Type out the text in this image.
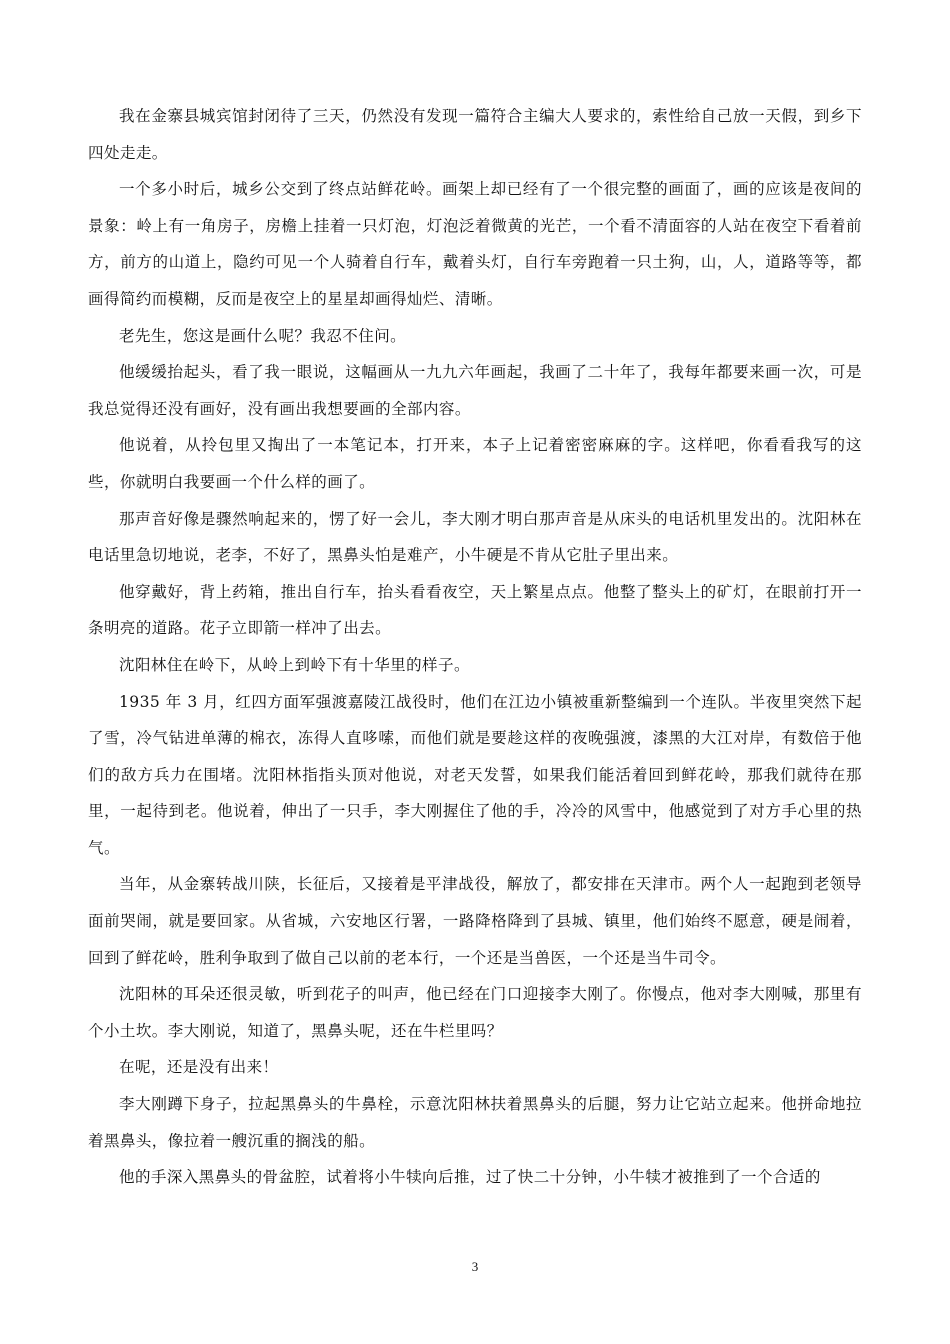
我在金寨县城宾馆封闭待了三天，仍然没有发现一篇符合主编大人要求的，索性给自己放一天假，到乡下四处走走。

一个多小时后，城乡公交到了终点站鲜花岭。画架上却已经有了一个很完整的画面了，画的应该是夜间的景象：岭上有一角房子，房檐上挂着一只灯泡，灯泡泛着微黄的光芒，一个看不清面容的人站在夜空下看着前方，前方的山道上，隐约可见一个人骑着自行车，戴着头灯，自行车旁跑着一只土狗，山，人，道路等等，都画得简约而模糊，反而是夜空上的星星却画得灿烂、清晰。

老先生，您这是画什么呢？我忍不住问。

他缓缓抬起头，看了我一眼说，这幅画从一九九六年画起，我画了二十年了，我每年都要来画一次，可是我总觉得还没有画好，没有画出我想要画的全部内容。

他说着，从拎包里又掏出了一本笔记本，打开来，本子上记着密密麻麻的字。这样吧，你看看我写的这些，你就明白我要画一个什么样的画了。

那声音好像是骤然响起来的，愣了好一会儿，李大刚才明白那声音是从床头的电话机里发出的。沈阳林在电话里急切地说，老李，不好了，黑鼻头怕是难产，小牛硬是不肯从它肚子里出来。

他穿戴好，背上药箱，推出自行车，抬头看看夜空，天上繁星点点。他整了整头上的矿灯，在眼前打开一条明亮的道路。花子立即箭一样冲了出去。

沈阳林住在岭下，从岭上到岭下有十华里的样子。

1935 年 3 月，红四方面军强渡嘉陵江战役时，他们在江边小镇被重新整编到一个连队。半夜里突然下起了雪，冷气钻进单薄的棉衣，冻得人直哆嗦，而他们就是要趁这样的夜晚强渡，漆黑的大江对岸，有数倍于他们的敌方兵力在围堵。沈阳林指指头顶对他说，对老天发誓，如果我们能活着回到鲜花岭，那我们就待在那里，一起待到老。他说着，伸出了一只手，李大刚握住了他的手，冷冷的风雪中，他感觉到了对方手心里的热气。

当年，从金寨转战川陕，长征后，又接着是平津战役，解放了，都安排在天津市。两个人一起跑到老领导面前哭闹，就是要回家。从省城，六安地区行署，一路降格降到了县城、镇里，他们始终不愿意，硬是闹着，回到了鲜花岭，胜利争取到了做自己以前的老本行，一个还是当兽医，一个还是当牛司令。

沈阳林的耳朵还很灵敏，听到花子的叫声，他已经在门口迎接李大刚了。你慢点，他对李大刚喊，那里有个小土坎。李大刚说，知道了，黑鼻头呢，还在牛栏里吗？

在呢，还是没有出来！

李大刚蹲下身子，拉起黑鼻头的牛鼻栓，示意沈阳林扶着黑鼻头的后腿，努力让它站立起来。他拼命地拉着黑鼻头，像拉着一艘沉重的搁浅的船。

他的手深入黑鼻头的骨盆腔，试着将小牛犊向后推，过了快二十分钟，小牛犊才被推到了一个合适的

3
